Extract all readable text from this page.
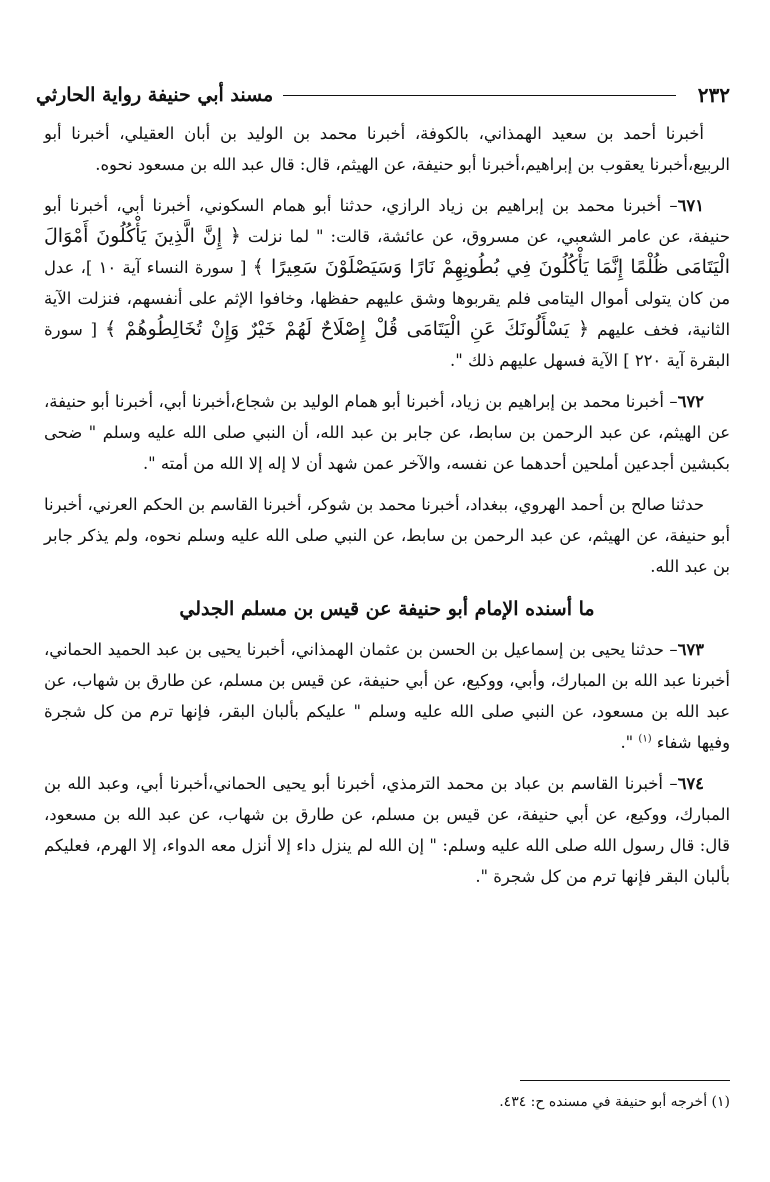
٢٣٢
مسند أبي حنيفة رواية الحارثي

أخبرنا أحمد بن سعيد الهمذاني، بالكوفة، أخبرنا محمد بن الوليد بن أبان العقيلي، أخبرنا أبو الربيع،أخبرنا يعقوب بن إبراهيم،أخبرنا أبو حنيفة، عن الهيثم، قال: قال عبد الله بن مسعود نحوه.

٦٧١– أخبرنا محمد بن إبراهيم بن زياد الرازي، حدثنا أبو همام السكوني، أخبرنا أبي، أخبرنا أبو حنيفة، عن عامر الشعبي، عن مسروق، عن عائشة، قالت: " لما نزلت ﴿ إِنَّ الَّذِينَ يَأْكُلُونَ أَمْوَالَ الْيَتَامَى ظُلْمًا إِنَّمَا يَأْكُلُونَ فِي بُطُونِهِمْ نَارًا وَسَيَصْلَوْنَ سَعِيرًا ﴾ [ سورة النساء آية ١٠ ]، عدل من كان يتولى أموال اليتامى فلم يقربوها وشق عليهم حفظها، وخافوا الإثم على أنفسهم، فنزلت الآية الثانية، فخف عليهم ﴿ يَسْأَلُونَكَ عَنِ الْيَتَامَى قُلْ إِصْلَاحٌ لَهُمْ خَيْرٌ وَإِنْ تُخَالِطُوهُمْ ﴾ [ سورة البقرة آية ٢٢٠ ] الآية فسهل عليهم ذلك ".

٦٧٢– أخبرنا محمد بن إبراهيم بن زياد، أخبرنا أبو همام الوليد بن شجاع،أخبرنا أبي، أخبرنا أبو حنيفة، عن الهيثم، عن عبد الرحمن بن سابط، عن جابر بن عبد الله، أن النبي صلى الله عليه وسلم " ضحى بكبشين أجدعين أملحين أحدهما عن نفسه، والآخر عمن شهد أن لا إله إلا الله من أمته ".

حدثنا صالح بن أحمد الهروي، ببغداد، أخبرنا محمد بن شوكر، أخبرنا القاسم بن الحكم العرني، أخبرنا أبو حنيفة، عن الهيثم، عن عبد الرحمن بن سابط، عن النبي صلى الله عليه وسلم نحوه، ولم يذكر جابر بن عبد الله.

ما أسنده الإمام أبو حنيفة عن قيس بن مسلم الجدلي

٦٧٣– حدثنا يحيى بن إسماعيل بن الحسن بن عثمان الهمذاني، أخبرنا يحيى بن عبد الحميد الحماني، أخبرنا عبد الله بن المبارك، وأبي، ووكيع، عن أبي حنيفة، عن قيس بن مسلم، عن طارق بن شهاب، عن عبد الله بن مسعود، عن النبي صلى الله عليه وسلم " عليكم بألبان البقر، فإنها ترم من كل شجرة وفيها شفاء $^{(١)}$ ".

٦٧٤– أخبرنا القاسم بن عباد بن محمد الترمذي، أخبرنا أبو يحيى الحماني،أخبرنا أبي، وعبد الله بن المبارك، ووكيع، عن أبي حنيفة، عن قيس بن مسلم، عن طارق بن شهاب، عن عبد الله بن مسعود، قال: قال رسول الله صلى الله عليه وسلم: " إن الله لم ينزل داء إلا أنزل معه الدواء، إلا الهرم، فعليكم بألبان البقر فإنها ترم من كل شجرة ".

(١) أخرجه أبو حنيفة في مسنده ح: ٤٣٤.
